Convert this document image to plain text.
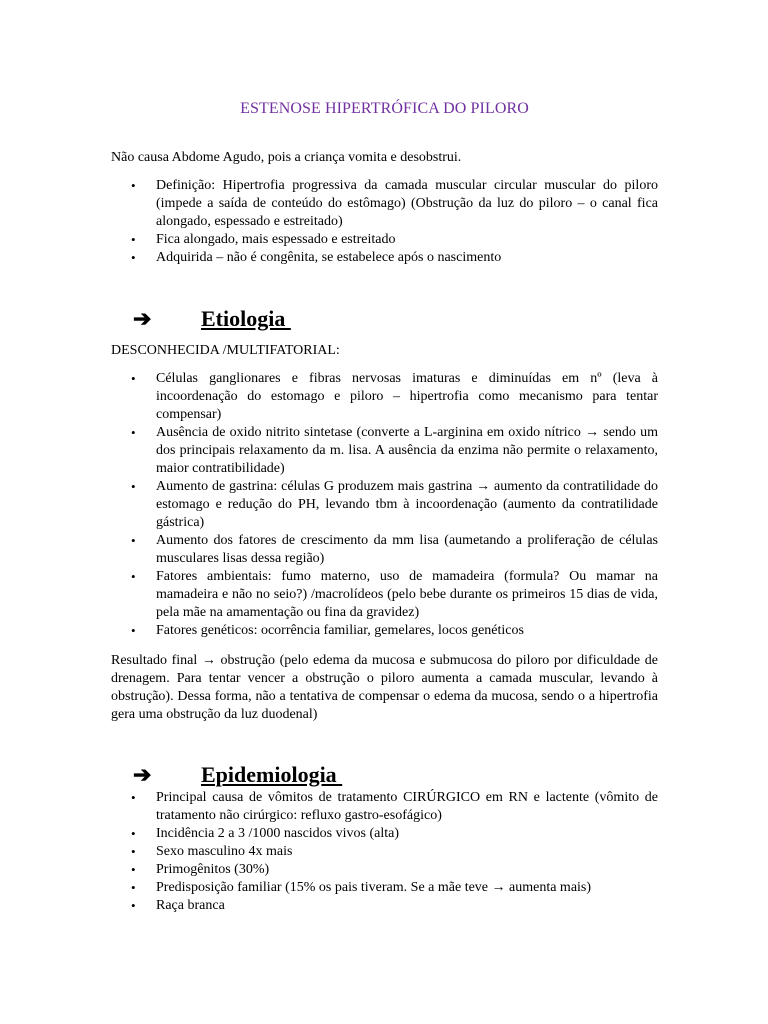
ESTENOSE HIPERTRÓFICA DO PILORO

Não causa Abdome Agudo, pois a criança vomita e desobstrui.

• Definição: Hipertrofia progressiva da camada muscular circular muscular do piloro (impede a saída de conteúdo do estômago) (Obstrução da luz do piloro – o canal fica alongado, espessado e estreitado)
• Fica alongado, mais espessado e estreitado
• Adquirida – não é congênita, se estabelece após o nascimento
➔ Etiologia

DESCONHECIDA /MULTIFATORIAL:

• Células ganglionares e fibras nervosas imaturas e diminuídas em nº (leva à incoordenação do estomago e piloro – hipertrofia como mecanismo para tentar compensar)
• Ausência de oxido nitrito sintetase (converte a L-arginina em oxido nítrico → sendo um dos principais relaxamento da m. lisa. A ausência da enzima não permite o relaxamento, maior contratibilidade)
• Aumento de gastrina: células G produzem mais gastrina → aumento da contratilidade do estomago e redução do PH, levando tbm à incoordenação (aumento da contratilidade gástrica)
• Aumento dos fatores de crescimento da mm lisa (aumetando a proliferação de células musculares lisas dessa região)
• Fatores ambientais: fumo materno, uso de mamadeira (formula? Ou mamar na mamadeira e não no seio?) /macrolídeos (pelo bebe durante os primeiros 15 dias de vida, pela mãe na amamentação ou fina da gravidez)
• Fatores genéticos: ocorrência familiar, gemelares, locos genéticos

Resultado final → obstrução (pelo edema da mucosa e submucosa do piloro por dificuldade de drenagem. Para tentar vencer a obstrução o piloro aumenta a camada muscular, levando à obstrução). Dessa forma, não a tentativa de compensar o edema da mucosa, sendo o a hipertrofia gera uma obstrução da luz duodenal)

➔ Epidemiologia
• Principal causa de vômitos de tratamento CIRÚRGICO em RN e lactente (vômito de tratamento não cirúrgico: refluxo gastro-esofágico)
• Incidência 2 a 3 /1000 nascidos vivos (alta)
• Sexo masculino 4x mais
• Primogênitos (30%)
• Predisposição familiar (15% os pais tiveram. Se a mãe teve → aumenta mais)
• Raça branca
